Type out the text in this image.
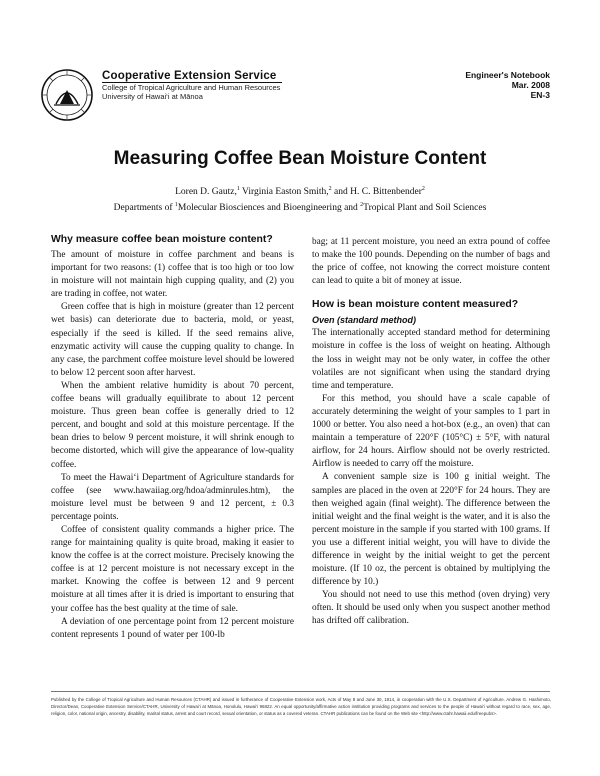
Cooperative Extension Service
College of Tropical Agriculture and Human Resources
University of Hawai‘i at Mānoa
Engineer's Notebook
Mar. 2008
EN-3
Measuring Coffee Bean Moisture Content
Loren D. Gautz,$^1$ Virginia Easton Smith,$^2$ and H. C. Bittenbender$^2$
Departments of $^1$Molecular Biosciences and Bioengineering and $^2$Tropical Plant and Soil Sciences
Why measure coffee bean moisture content?

The amount of moisture in coffee parchment and beans is important for two reasons: (1) coffee that is too high or too low in moisture will not maintain high cupping quality, and (2) you are trading in coffee, not water.

Green coffee that is high in moisture (greater than 12 percent wet basis) can deteriorate due to bacteria, mold, or yeast, especially if the seed is killed. If the seed remains alive, enzymatic activity will cause the cupping quality to change. In any case, the parchment coffee moisture level should be lowered to below 12 percent soon after harvest.

When the ambient relative humidity is about 70 percent, coffee beans will gradually equilibrate to about 12 percent moisture. Thus green bean coffee is generally dried to 12 percent, and bought and sold at this moisture percentage. If the bean dries to below 9 percent moisture, it will shrink enough to become distorted, which will give the appearance of low-quality coffee.

To meet the Hawai‘i Department of Agriculture standards for coffee (see www.hawaiiag.org/hdoa/adminrules.htm), the moisture level must be between 9 and 12 percent, ± 0.3 percentage points.

Coffee of consistent quality commands a higher price. The range for maintaining quality is quite broad, making it easier to know the coffee is at the correct moisture. Precisely knowing the coffee is at 12 percent moisture is not necessary except in the market. Knowing the coffee is between 12 and 9 percent moisture at all times after it is dried is important to ensuring that your coffee has the best quality at the time of sale.

A deviation of one percentage point from 12 percent moisture content represents 1 pound of water per 100-lb

bag; at 11 percent moisture, you need an extra pound of coffee to make the 100 pounds. Depending on the number of bags and the price of coffee, not knowing the correct moisture content can lead to quite a bit of money at issue.

How is bean moisture content measured?
Oven (standard method)

The internationally accepted standard method for determining moisture in coffee is the loss of weight on heating. Although the loss in weight may not be only water, in coffee the other volatiles are not significant when using the standard drying time and temperature.

For this method, you should have a scale capable of accurately determining the weight of your samples to 1 part in 1000 or better. You also need a hot-box (e.g., an oven) that can maintain a temperature of 220°F (105°C) ± 5°F, with natural airflow, for 24 hours. Airflow should not be overly restricted. Airflow is needed to carry off the moisture.

A convenient sample size is 100 g initial weight. The samples are placed in the oven at 220°F for 24 hours. They are then weighed again (final weight). The difference between the initial weight and the final weight is the water, and it is also the percent moisture in the sample if you started with 100 grams. If you use a different initial weight, you will have to divide the difference in weight by the initial weight to get the percent moisture. (If 10 oz, the percent is obtained by multiplying the difference by 10.)

You should not need to use this method (oven drying) very often. It should be used only when you suspect another method has drifted off calibration.

Published by the College of Tropical Agriculture and Human Resources (CTAHR) and issued in furtherance of Cooperative Extension work, Acts of May 8 and June 30, 1914, in cooperation with the U.S. Department of Agriculture. Andrew G. Hashimoto, Director/Dean, Cooperative Extension Service/CTAHR, University of Hawai‘i at Mānoa, Honolulu, Hawai‘i 96822. An equal opportunity/affirmative action institution providing programs and services to the people of Hawai‘i without regard to race, sex, age, religion, color, national origin, ancestry, disability, marital status, arrest and court record, sexual orientation, or status as a covered veteran. CTAHR publications can be found on the Web site <http://www.ctahr.hawaii.edu/freepubs>.
